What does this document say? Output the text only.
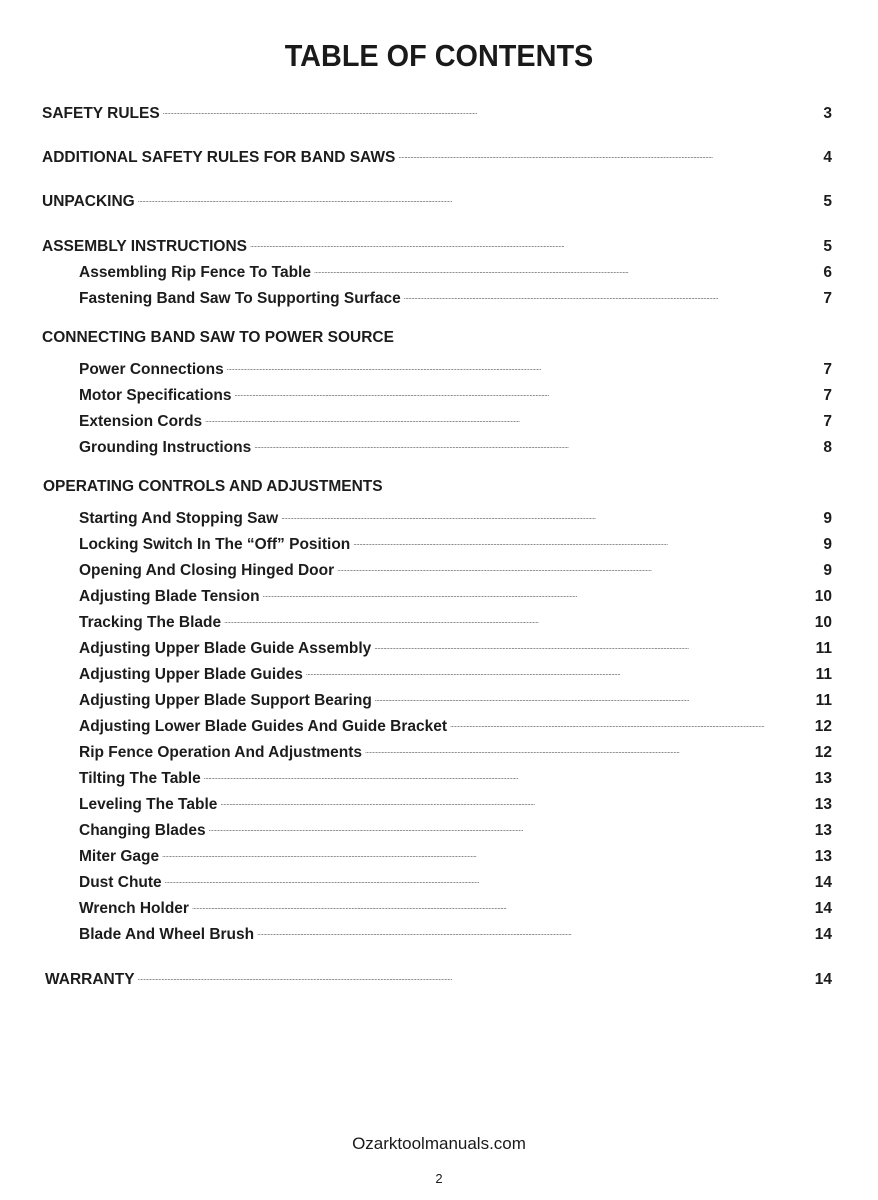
TABLE OF CONTENTS
SAFETY RULES . . .	3
ADDITIONAL SAFETY RULES FOR BAND SAWS . . .	4
UNPACKING . . .	5
ASSEMBLY INSTRUCTIONS . . .	5
Assembling Rip Fence To Table . . .	6
Fastening Band Saw To Supporting Surface . . .	7
CONNECTING BAND SAW TO POWER SOURCE
Power Connections . . .	7
Motor Specifications . . .	7
Extension Cords . . .	7
Grounding Instructions . . .	8
OPERATING CONTROLS AND ADJUSTMENTS
Starting And Stopping Saw . . .	9
Locking Switch In The “Off” Position . . .	9
Opening And Closing Hinged Door . . .	9
Adjusting Blade Tension . . .	10
Tracking The Blade . . .	10
Adjusting Upper Blade Guide Assembly . . .	11
Adjusting Upper Blade Guides . . .	11
Adjusting Upper Blade Support Bearing . . .	11
Adjusting Lower Blade Guides And Guide Bracket . . .	12
Rip Fence Operation And Adjustments . . .	12
Tilting The Table . . .	13
Leveling The Table . . .	13
Changing Blades . . .	13
Miter Gage . . .	13
Dust Chute . . .	14
Wrench Holder . . .	14
Blade And Wheel Brush . . .	14
WARRANTY . . .	14
Ozarktoolmanuals.com
2
